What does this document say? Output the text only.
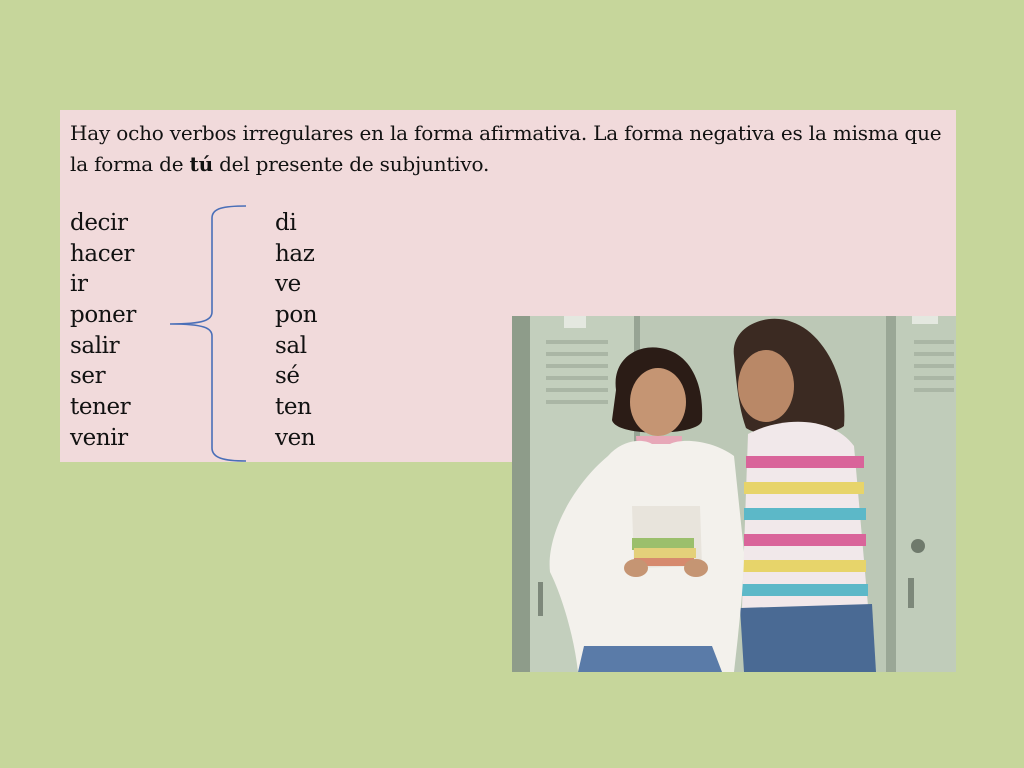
Hay ocho verbos irregulares en la forma afirmativa. La forma negativa es la misma que la forma de tú del presente de subjuntivo.
decir	di
hacer	haz
ir	ve
poner	pon
salir	sal
ser	sé
tener	ten
venir	ven
